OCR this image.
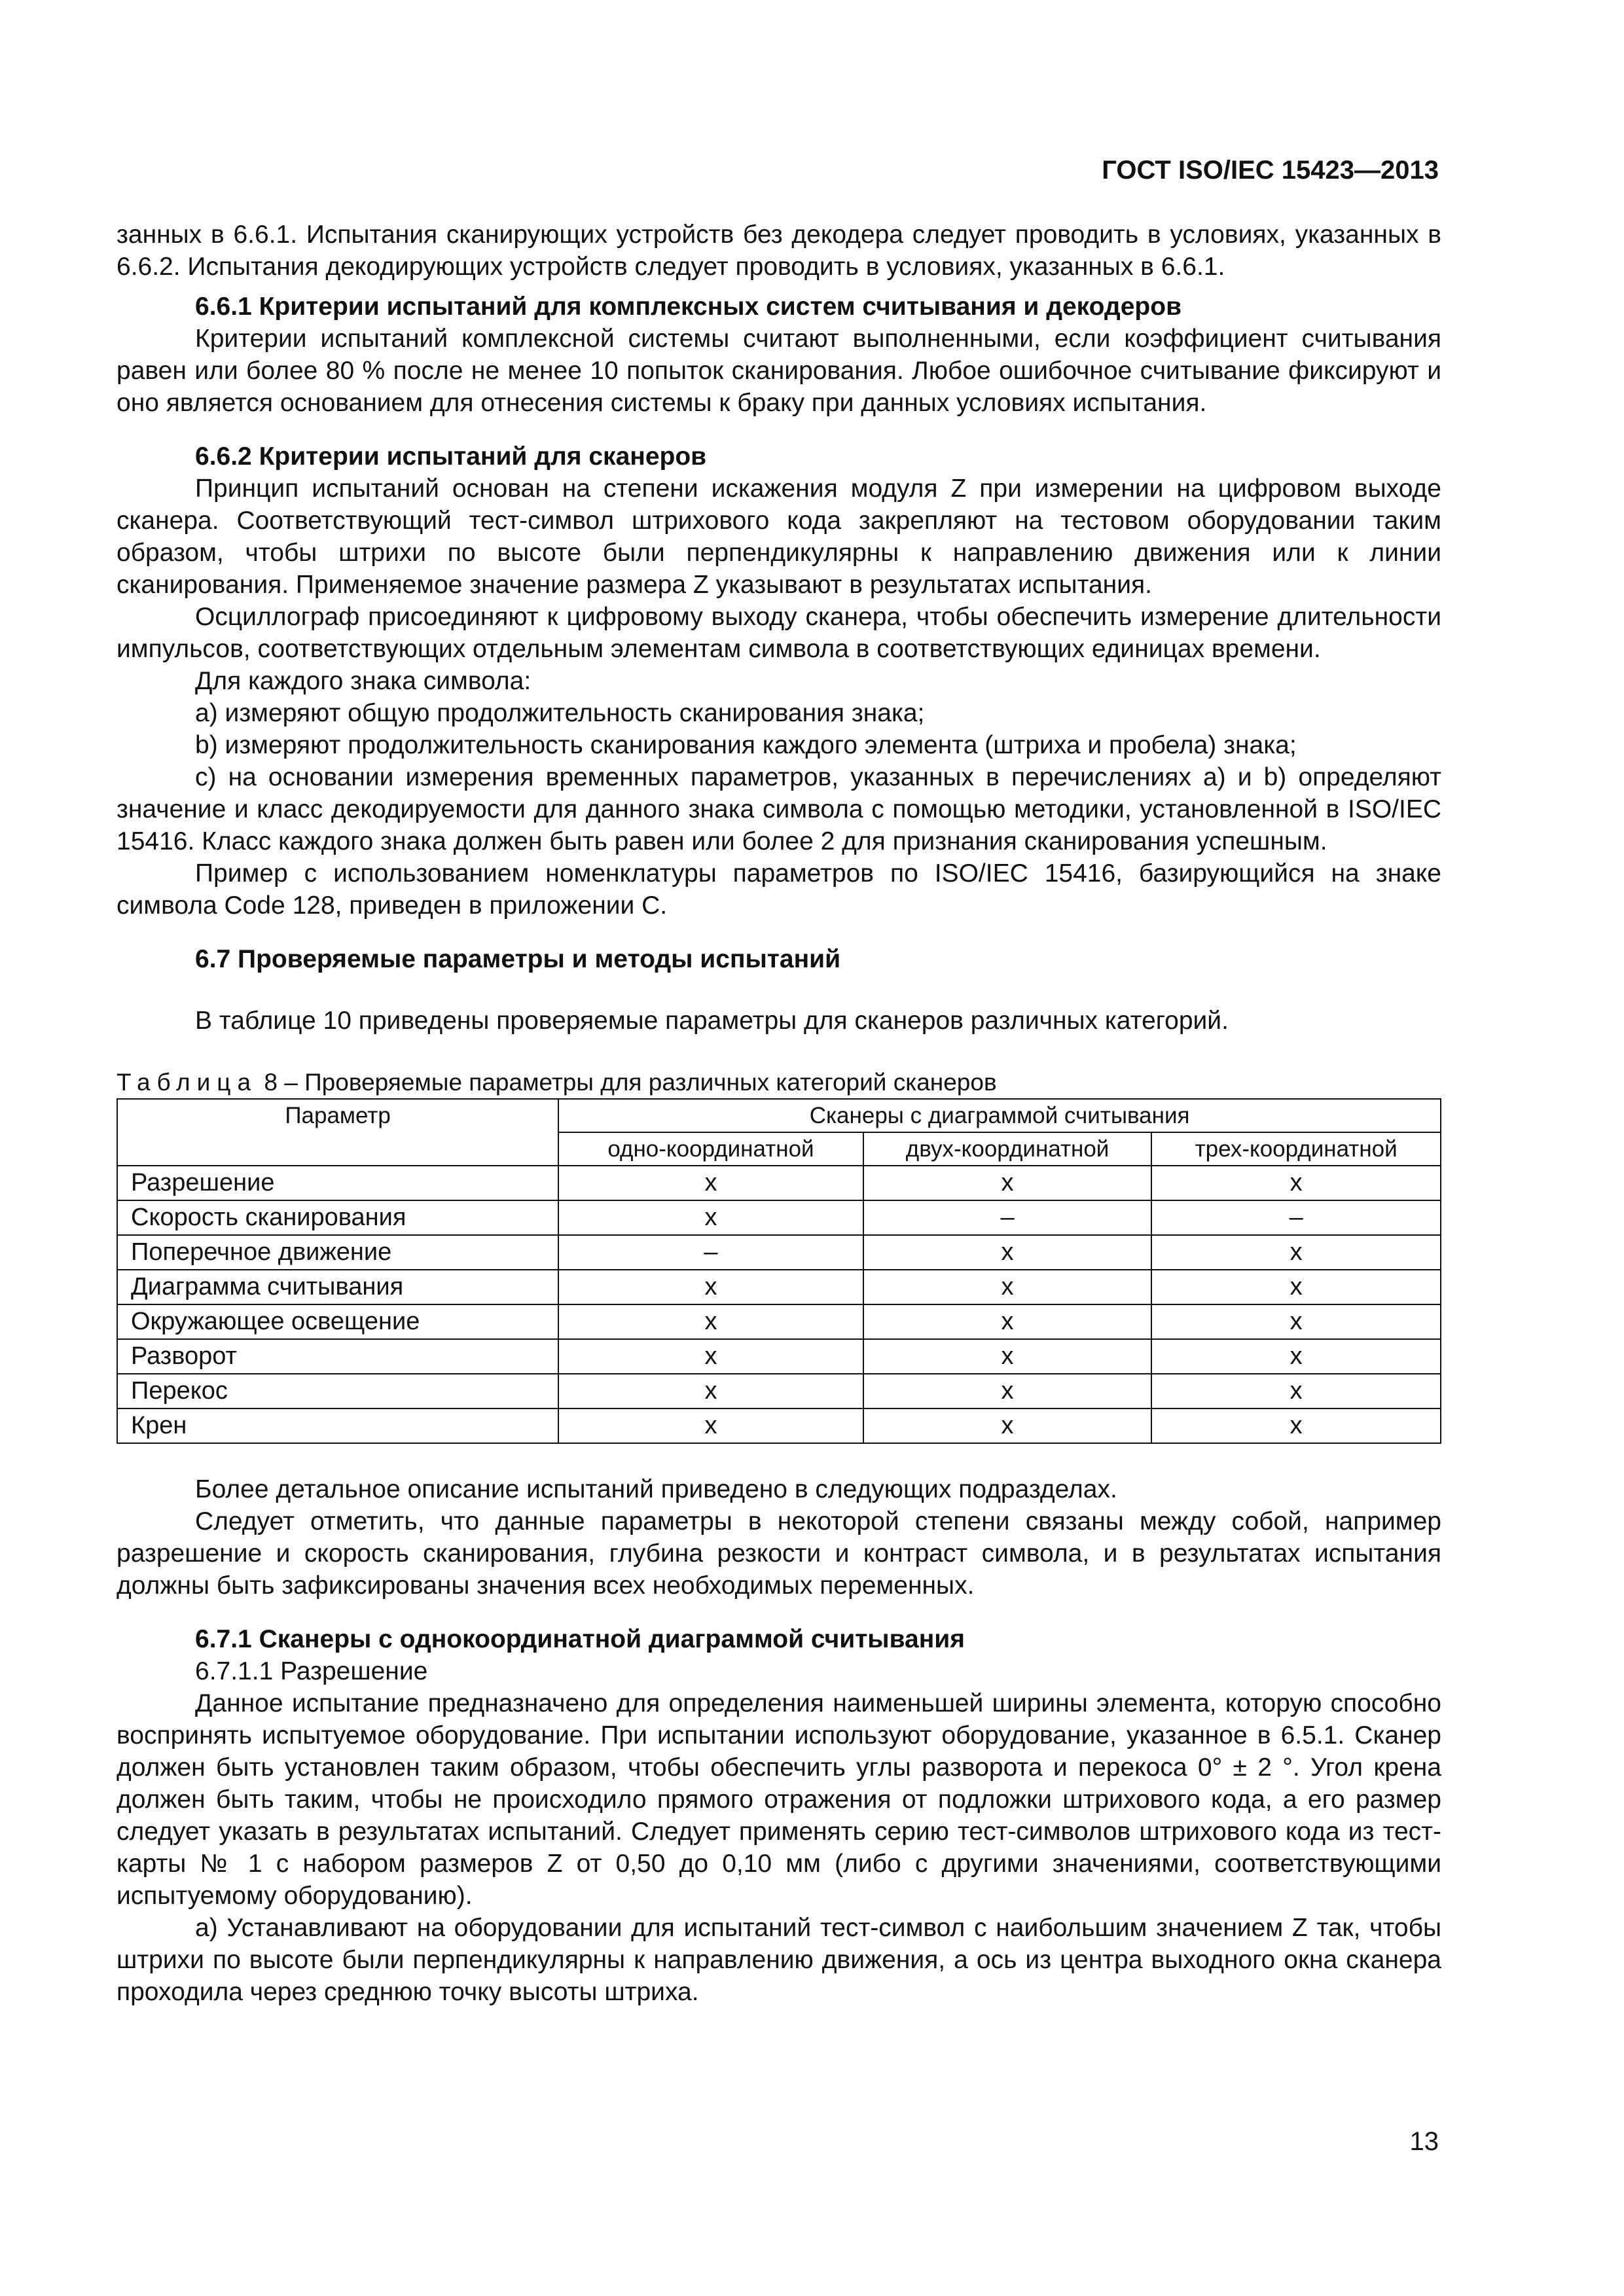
ГОСТ ISO/IEC 15423—2013

занных в 6.6.1. Испытания сканирующих устройств без декодера следует проводить в условиях, указанных в 6.6.2. Испытания декодирующих устройств следует проводить в условиях, указанных в 6.6.1.

6.6.1 Критерии испытаний для комплексных систем считывания и декодеров

Критерии испытаний комплексной системы считают выполненными, если коэффициент считывания равен или более 80 % после не менее 10 попыток сканирования. Любое ошибочное считывание фиксируют и оно является основанием для отнесения системы к браку при данных условиях испытания.

6.6.2 Критерии испытаний для сканеров

Принцип испытаний основан на степени искажения модуля Z при измерении на цифровом выходе сканера. Соответствующий тест-символ штрихового кода закрепляют на тестовом оборудовании таким образом, чтобы штрихи по высоте были перпендикулярны к направлению движения или к линии сканирования. Применяемое значение размера Z указывают в результатах испытания.

Осциллограф присоединяют к цифровому выходу сканера, чтобы обеспечить измерение длительности импульсов, соответствующих отдельным элементам символа в соответствующих единицах времени.

Для каждого знака символа:

а) измеряют общую продолжительность сканирования знака;

b) измеряют продолжительность сканирования каждого элемента (штриха и пробела) знака;

с) на основании измерения временных параметров, указанных в перечислениях а) и b) определяют значение и класс декодируемости для данного знака символа с помощью методики, установленной в ISO/IEC 15416. Класс каждого знака должен быть равен или более 2 для признания сканирования успешным.

Пример с использованием номенклатуры параметров по ISO/IEC 15416, базирующийся на знаке символа Code 128, приведен в приложении С.

6.7 Проверяемые параметры и методы испытаний

В таблице 10 приведены проверяемые параметры для сканеров различных категорий.

Таблица 8 – Проверяемые параметры для различных категорий сканеров

Параметр	Сканеры с диаграммой считывания		
	одно-координатной	двух-координатной	трех-координатной
Разрешение	x	x	x
Скорость сканирования	x	–	–
Поперечное движение	–	x	x
Диаграмма считывания	x	x	x
Окружающее освещение	x	x	x
Разворот	x	x	x
Перекос	x	x	x
Крен	x	x	x

Более детальное описание испытаний приведено в следующих подразделах.

Следует отметить, что данные параметры в некоторой степени связаны между собой, например разрешение и скорость сканирования, глубина резкости и контраст символа, и в результатах испытания должны быть зафиксированы значения всех необходимых переменных.

6.7.1 Сканеры с однокоординатной диаграммой считывания

6.7.1.1 Разрешение

Данное испытание предназначено для определения наименьшей ширины элемента, которую способно воспринять испытуемое оборудование. При испытании используют оборудование, указанное в 6.5.1. Сканер должен быть установлен таким образом, чтобы обеспечить углы разворота и перекоса 0° ± 2 °. Угол крена должен быть таким, чтобы не происходило прямого отражения от подложки штрихового кода, а его размер следует указать в результатах испытаний. Следует применять серию тест-символов штрихового кода из тест-карты № 1 с набором размеров Z от 0,50 до 0,10 мм (либо с другими значениями, соответствующими испытуемому оборудованию).

а) Устанавливают на оборудовании для испытаний тест-символ с наибольшим значением Z так, чтобы штрихи по высоте были перпендикулярны к направлению движения, а ось из центра выходного окна сканера проходила через среднюю точку высоты штриха.

13
